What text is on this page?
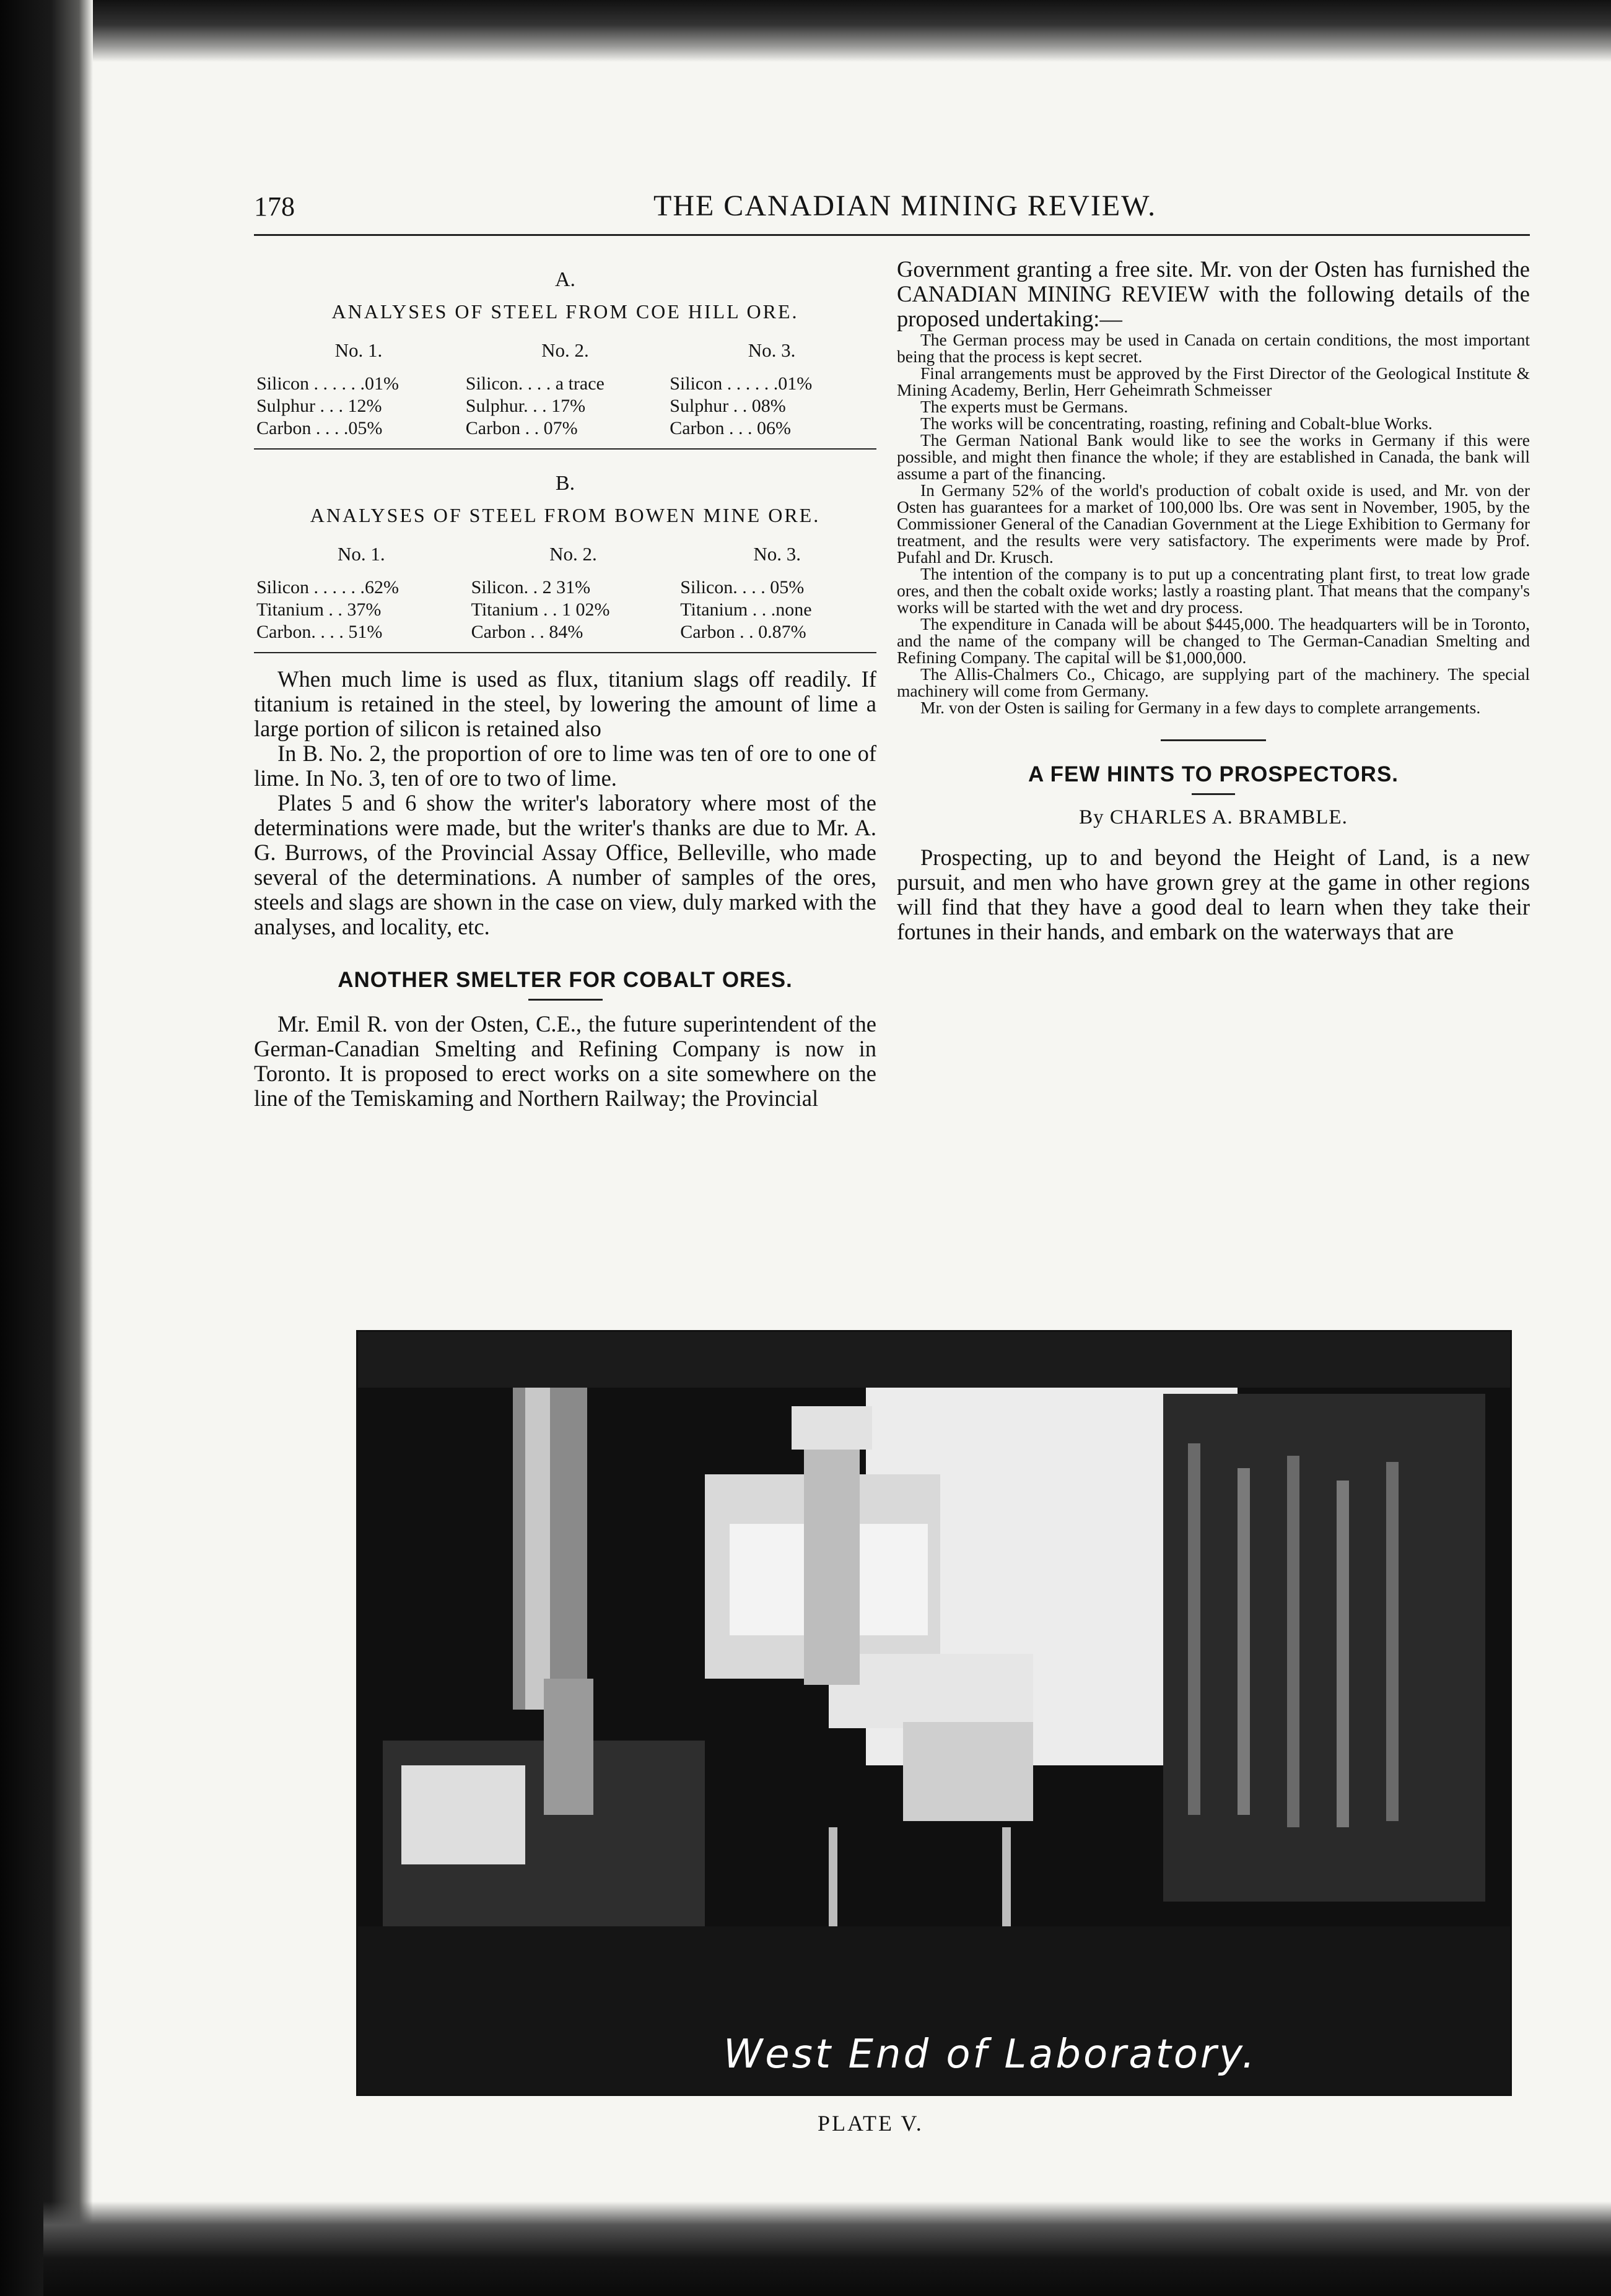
178	THE CANADIAN MINING REVIEW.
A.
ANALYSES OF STEEL FROM COE HILL ORE.
No. 1.	No. 2.	No. 3.
Silicon . . . . . .01%	Silicon. . . . a trace	Silicon . . . . . .01%
Sulphur . . . 12%	Sulphur. . . 17%	Sulphur . . 08%
Carbon . . . .05%	Carbon . . 07%	Carbon . . . 06%
B.
ANALYSES OF STEEL FROM BOWEN MINE ORE.
No. 1.	No. 2.	No. 3.
Silicon . . . . . .62%	Silicon. . 2 31%	Silicon. . . . 05%
Titanium . . 37%	Titanium . . 1 02%	Titanium . . .none
Carbon. . . . 51%	Carbon . . 84%	Carbon . . 0.87%

When much lime is used as flux, titanium slags off readily. If titanium is retained in the steel, by lowering the amount of lime a large portion of silicon is retained also

In B. No. 2, the proportion of ore to lime was ten of ore to one of lime. In No. 3, ten of ore to two of lime.

Plates 5 and 6 show the writer's laboratory where most of the determinations were made, but the writer's thanks are due to Mr. A. G. Burrows, of the Provincial Assay Office, Belleville, who made several of the determinations. A number of samples of the ores, steels and slags are shown in the case on view, duly marked with the analyses, and locality, etc.

ANOTHER SMELTER FOR COBALT ORES.

Mr. Emil R. von der Osten, C.E., the future superintendent of the German-Canadian Smelting and Refining Company is now in Toronto. It is proposed to erect works on a site somewhere on the line of the Temiskaming and Northern Railway; the Provincial

Government granting a free site. Mr. von der Osten has furnished the CANADIAN MINING REVIEW with the following details of the proposed undertaking:—

The German process may be used in Canada on certain conditions, the most important being that the process is kept secret.

Final arrangements must be approved by the First Director of the Geological Institute & Mining Academy, Berlin, Herr Geheimrath Schmeisser

The experts must be Germans.

The works will be concentrating, roasting, refining and Cobalt-blue Works.

The German National Bank would like to see the works in Germany if this were possible, and might then finance the whole; if they are established in Canada, the bank will assume a part of the financing.

In Germany 52% of the world's production of cobalt oxide is used, and Mr. von der Osten has guarantees for a market of 100,000 lbs. Ore was sent in November, 1905, by the Commissioner General of the Canadian Government at the Liege Exhibition to Germany for treatment, and the results were very satisfactory. The experiments were made by Prof. Pufahl and Dr. Krusch.

The intention of the company is to put up a concentrating plant first, to treat low grade ores, and then the cobalt oxide works; lastly a roasting plant. That means that the company's works will be started with the wet and dry process.

The expenditure in Canada will be about $445,000. The headquarters will be in Toronto, and the name of the company will be changed to The German-Canadian Smelting and Refining Company. The capital will be $1,000,000.

The Allis-Chalmers Co., Chicago, are supplying part of the machinery. The special machinery will come from Germany.

Mr. von der Osten is sailing for Germany in a few days to complete arrangements.

A FEW HINTS TO PROSPECTORS.
By CHARLES A. BRAMBLE.

Prospecting, up to and beyond the Height of Land, is a new pursuit, and men who have grown grey at the game in other regions will find that they have a good deal to learn when they take their fortunes in their hands, and embark on the waterways that are

West End of Laboratory.
PLATE V.
